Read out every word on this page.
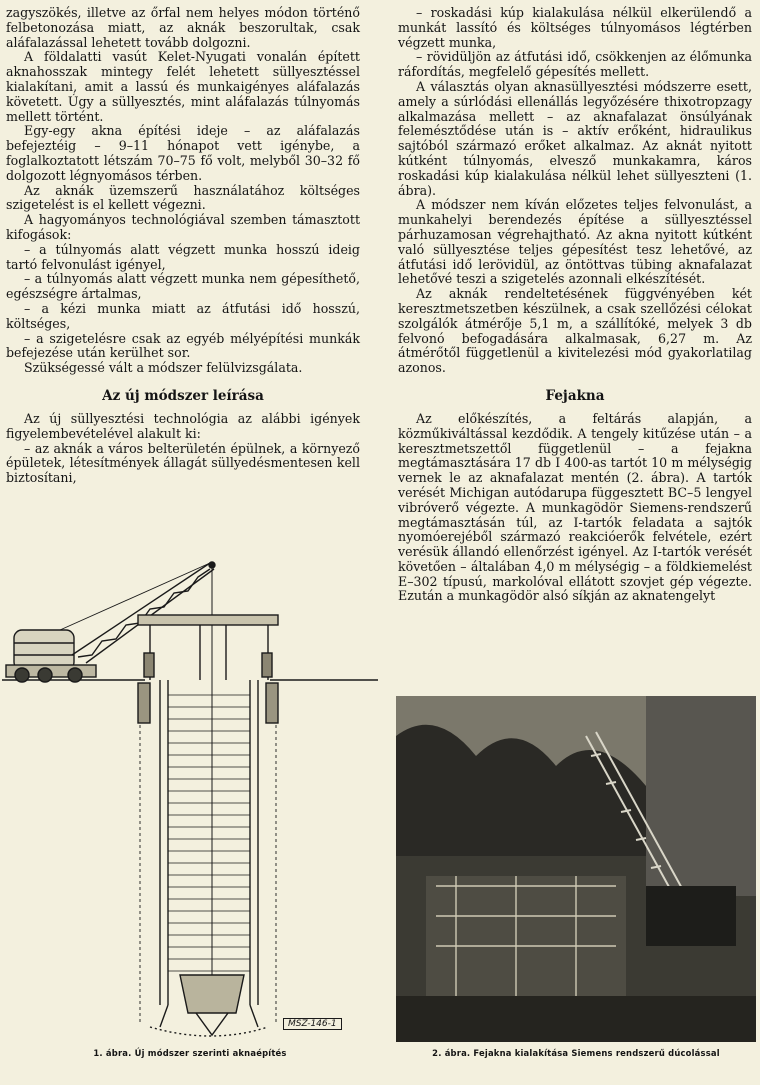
zagyszökés, illetve az őrfal nem helyes módon történő felbetonozása miatt, az aknák beszorultak, csak aláfalazással lehetett tovább dolgozni.

A földalatti vasút Kelet-Nyugati vonalán épített aknahosszak mintegy felét lehetett süllyesztéssel kialakítani, amit a lassú és munkaigényes aláfalazás követett. Úgy a süllyesztés, mint aláfalazás túlnyomás mellett történt.

Egy-egy akna építési ideje – az aláfalazás befejeztéig – 9–11 hónapot vett igénybe, a foglalkoztatott létszám 70–75 fő volt, melyből 30–32 fő dolgozott légnyomásos térben.

Az aknák üzemszerű használatához költséges szigetelést is el kellett végezni.

A hagyományos technológiával szemben támasztott kifogások:

– a túlnyomás alatt végzett munka hosszú ideig tartó felvonulást igényel,

– a túlnyomás alatt végzett munka nem gépesíthető, egészségre ártalmas,

– a kézi munka miatt az átfutási idő hosszú, költséges,

– a szigetelésre csak az egyéb mélyépítési munkák befejezése után kerülhet sor.

Szükségessé vált a módszer felülvizsgálata.

Az új módszer leírása

Az új süllyesztési technológia az alábbi igények figyelembevételével alakult ki:

– az aknák a város belterületén épülnek, a környező épületek, létesítmények állagát süllyedésmentesen kell biztosítani,

– roskadási kúp kialakulása nélkül elkerülendő a munkát lassító és költséges túlnyomásos légtérben végzett munka,

– rövidüljön az átfutási idő, csökkenjen az élőmunka ráfordítás, megfelelő gépesítés mellett.

A választás olyan aknasüllyesztési módszerre esett, amely a súrlódási ellenállás legyőzésére thixotropzagy alkalmazása mellett – az aknafalazat önsúlyának felemésztődése után is – aktív erőként, hidraulikus sajtóból származó erőket alkalmaz. Az aknát nyitott kútként túlnyomás, elvesző munkakamra, káros roskadási kúp kialakulása nélkül lehet süllyeszteni (1. ábra).

A módszer nem kíván előzetes teljes felvonulást, a munkahelyi berendezés építése a süllyesztéssel párhuzamosan végrehajtható. Az akna nyitott kútként való süllyesztése teljes gépesítést tesz lehetővé, az átfutási idő lerövidül, az öntöttvas tübing aknafalazat lehetővé teszi a szigetelés azonnali elkészítését.

Az aknák rendeltetésének függvényében két keresztmetszetben készülnek, a csak szellőzési célokat szolgálók átmérője 5,1 m, a szállítóké, melyek 3 db felvonó befogadására alkalmasak, 6,27 m. Az átmérőtől függetlenül a kivitelezési mód gyakorlatilag azonos.

Fejakna

Az előkészítés, a feltárás alapján, a közműkiváltással kezdődik. A tengely kitűzése után – a keresztmetszettől függetlenül – a fejakna megtámasztására 17 db I 400-as tartót 10 m mélységig vernek le az aknafalazat mentén (2. ábra). A tartók verését Michigan autódaruра függesztett BC–5 lengyel vibróverő végezte. A munkagödör Siemens-rendszerű megtámasztásán túl, az I-tartók feladata a sajtók nyomóerejéből származó reakcióerők felvétele, ezért verésük állandó ellenőrzést igényel. Az I-tartók verését követően – általában 4,0 m mélységig – a földkiemelést E–302 típusú, markolóval ellátott szovjet gép végezte. Ezután a munkagödör alsó síkján az aknatengelyt

MSZ-146-1
1. ábra. Új módszer szerinti aknaépítés	2. ábra. Fejakna kialakítása Siemens rendszerű dúcolással
